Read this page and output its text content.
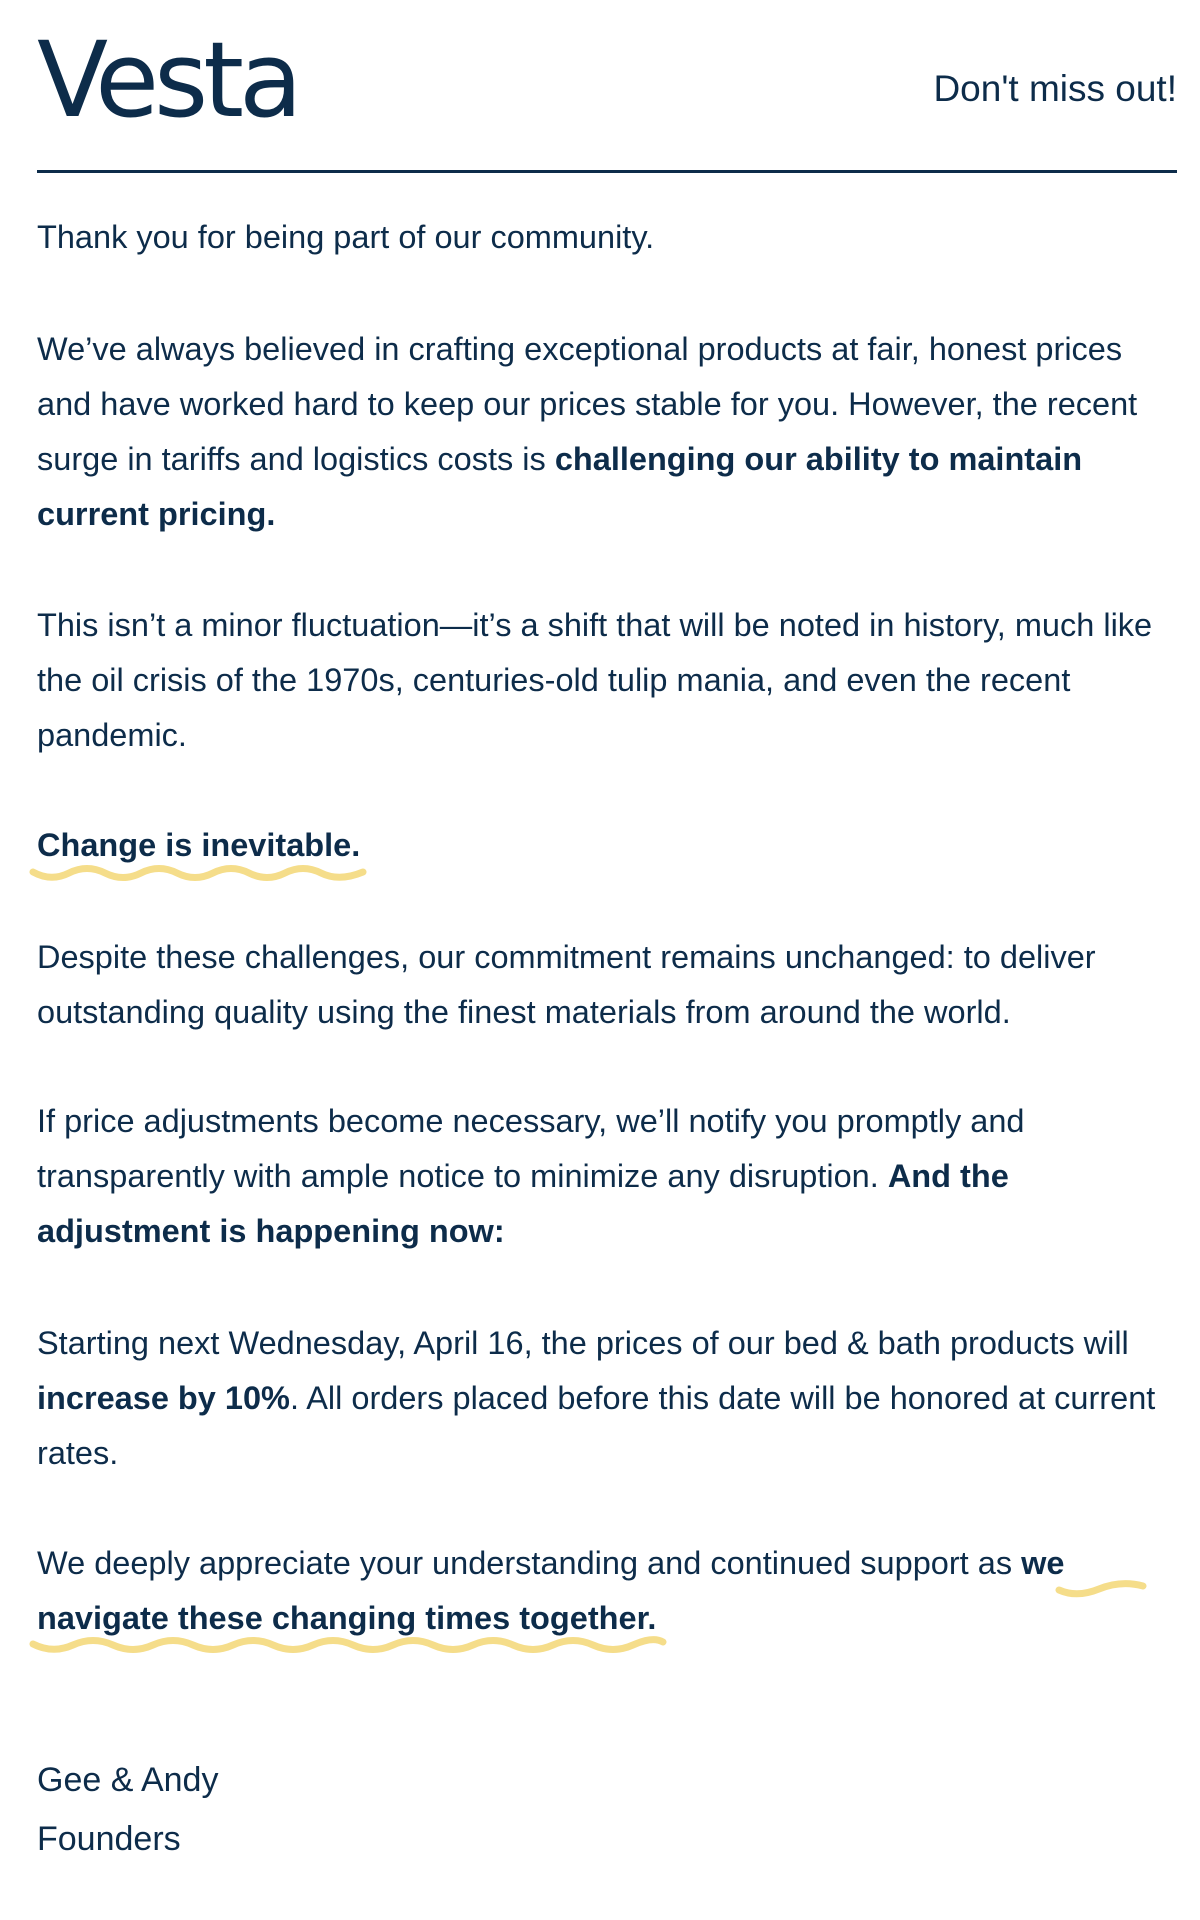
Vesta	Don't miss out!

Thank you for being part of our community.

We’ve always believed in crafting exceptional products at fair, honest prices and have worked hard to keep our prices stable for you. However, the recent surge in tariffs and logistics costs is challenging our ability to maintain current pricing.

This isn’t a minor fluctuation—it’s a shift that will be noted in history, much like the oil crisis of the 1970s, centuries-old tulip mania, and even the recent pandemic.

Change is inevitable.

Despite these challenges, our commitment remains unchanged: to deliver outstanding quality using the finest materials from around the world.

If price adjustments become necessary, we’ll notify you promptly and transparently with ample notice to minimize any disruption. And the adjustment is happening now:

Starting next Wednesday, April 16, the prices of our bed & bath products will increase by 10%. All orders placed before this date will be honored at current rates.

We deeply appreciate your understanding and continued support as we navigate these changing times together.

Gee & Andy
Founders
